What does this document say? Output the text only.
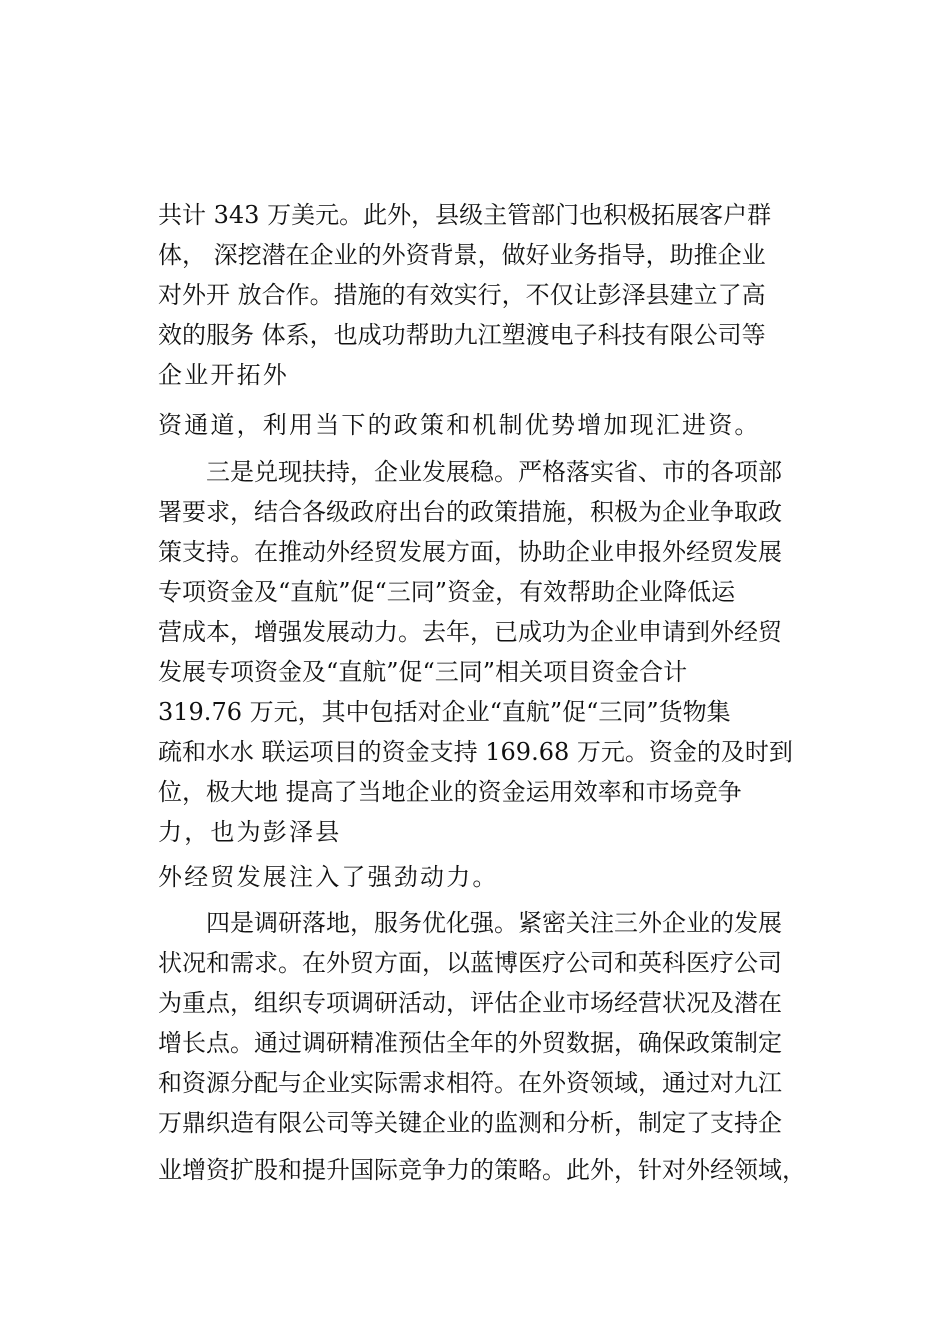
共计 343 万美元。此外，县级主管部门也积极拓展客户群
体， 深挖潜在企业的外资背景，做好业务指导，助推企业
对外开 放合作。措施的有效实行，不仅让彭泽县建立了高
效的服务 体系，也成功帮助九江塑渡电子科技有限公司等
企业开拓外
资通道，利用当下的政策和机制优势增加现汇进资。
三是兑现扶持，企业发展稳。严格落实省、市的各项部
署要求，结合各级政府出台的政策措施，积极为企业争取政
策支持。在推动外经贸发展方面，协助企业申报外经贸发展
专项资金及“直航”促“三同”资金，有效帮助企业降低运
营成本，增强发展动力。去年，已成功为企业申请到外经贸
发展专项资金及“直航”促“三同”相关项目资金合计
319.76 万元，其中包括对企业“直航”促“三同”货物集
疏和水水 联运项目的资金支持 169.68 万元。资金的及时到
位，极大地 提高了当地企业的资金运用效率和市场竞争
力，也为彭泽县
外经贸发展注入了强劲动力。
四是调研落地，服务优化强。紧密关注三外企业的发展
状况和需求。在外贸方面，以蓝博医疗公司和英科医疗公司
为重点，组织专项调研活动，评估企业市场经营状况及潜在
增长点。通过调研精准预估全年的外贸数据，确保政策制定
和资源分配与企业实际需求相符。在外资领域，通过对九江
万鼎织造有限公司等关键企业的监测和分析，制定了支持企
业增资扩股和提升国际竞争力的策略。此外，针对外经领域，
